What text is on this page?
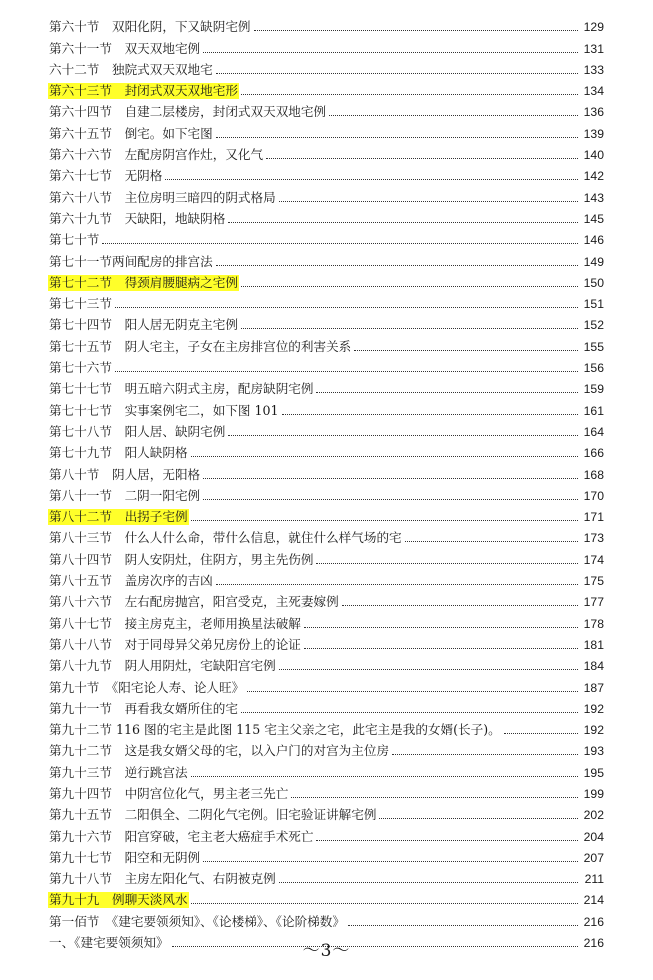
第六十节　双阳化阴，下又缺阴宅例	129
第六十一节　双天双地宅例	131
六十二节　独院式双天双地宅	133
第六十三节　封闭式双天双地宅形	134
第六十四节　自建二层楼房，封闭式双天双地宅例	136
第六十五节　倒宅。如下宅图	139
第六十六节　左配房阴宫作灶，又化气	140
第六十七节　无阴格	142
第六十八节　主位房明三暗四的阴式格局	143
第六十九节　天缺阳，地缺阴格	145
第七十节	146
第七十一节两间配房的排宫法	149
第七十二节　得颈肩腰腿病之宅例	150
第七十三节	151
第七十四节　阳人居无阴克主宅例	152
第七十五节　阴人宅主，子女在主房排宫位的利害关系	155
第七十六节	156
第七十七节　明五暗六阴式主房，配房缺阴宅例	159
第七十七节　实事案例宅二，如下图 101	161
第七十八节　阳人居、缺阴宅例	164
第七十九节　阳人缺阴格	166
第八十节　阴人居，无阳格	168
第八十一节　二阴一阳宅例	170
第八十二节　出拐子宅例	171
第八十三节　什么人什么命，带什么信息，就住什么样气场的宅	173
第八十四节　阴人安阴灶，住阴方，男主先伤例	174
第八十五节　盖房次序的吉凶	175
第八十六节　左右配房抛宫，阳宫受克，主死妻嫁例	177
第八十七节　接主房克主，老师用换星法破解	178
第八十八节　对于同母异父弟兄房份上的论证	181
第八十九节　阴人用阴灶，宅缺阳宫宅例	184
第九十节　《阳宅论人寿、论人旺》	187
第九十一节　再看我女婿所住的宅	192
第九十二节 116 图的宅主是此图 115 宅主父亲之宅，此宅主是我的女婿(长子)。	192
第九十二节　这是我女婿父母的宅，以入户门的对宫为主位房	193
第九十三节　逆行跳宫法	195
第九十四节　中阴宫位化气，男主老三先亡	199
第九十五节　二阳俱全、二阴化气宅例。旧宅验证讲解宅例	202
第九十六节　阳宫穿破，宅主老大癌症手术死亡	204
第九十七节　阳空和无阴例	207
第九十八节　主房左阳化气、右阴被克例	211
第九十九　例聊天淡风水	214
第一佰节　《建宅要领须知》、《论楼梯》、《论阶梯数》	216
一、《建宅要领须知》	216
～3～
